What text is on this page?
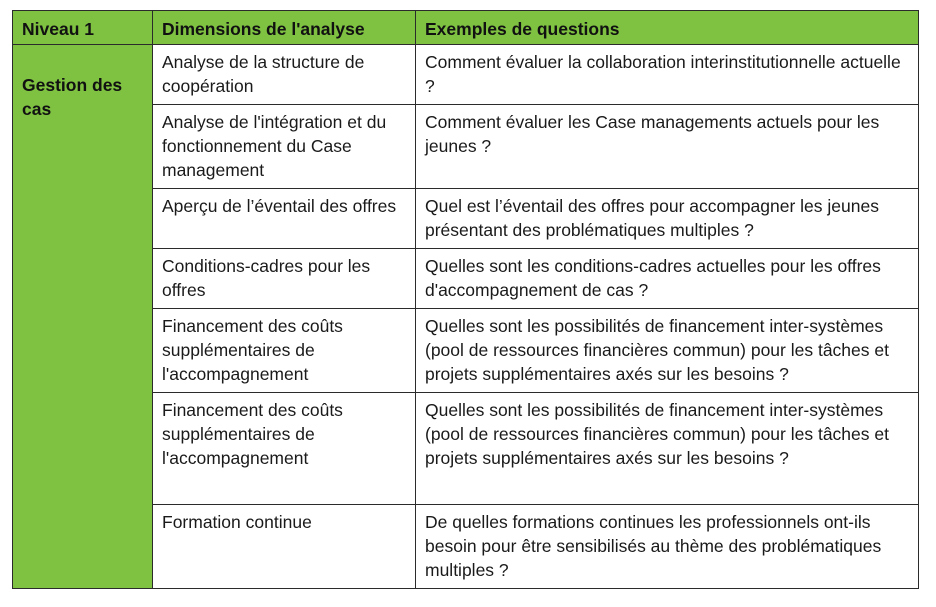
Niveau 1	Dimensions de l'analyse	Exemples de questions
Gestion des cas	Analyse de la structure de coopération	Comment évaluer la collaboration interinstitutionnelle actuelle ?
	Analyse de l'intégration et du fonctionnement du Case management	Comment évaluer les Case managements actuels pour les jeunes ?
	Aperçu de l’éventail des offres	Quel est l’éventail des offres pour accompagner les jeunes présentant des problématiques multiples ?
	Conditions-cadres pour les offres	Quelles sont les conditions-cadres actuelles pour les offres d'accompagnement de cas ?
	Financement des coûts supplémentaires de l'accompagnement	Quelles sont les possibilités de financement inter-systèmes (pool de ressources financières commun) pour les tâches et projets supplémentaires axés sur les besoins ?
	Financement des coûts supplémentaires de l'accompagnement	Quelles sont les possibilités de financement inter-systèmes (pool de ressources financières commun) pour les tâches et projets supplémentaires axés sur les besoins ?
	Formation continue	De quelles formations continues les professionnels ont-ils besoin pour être sensibilisés au thème des problématiques multiples ?
